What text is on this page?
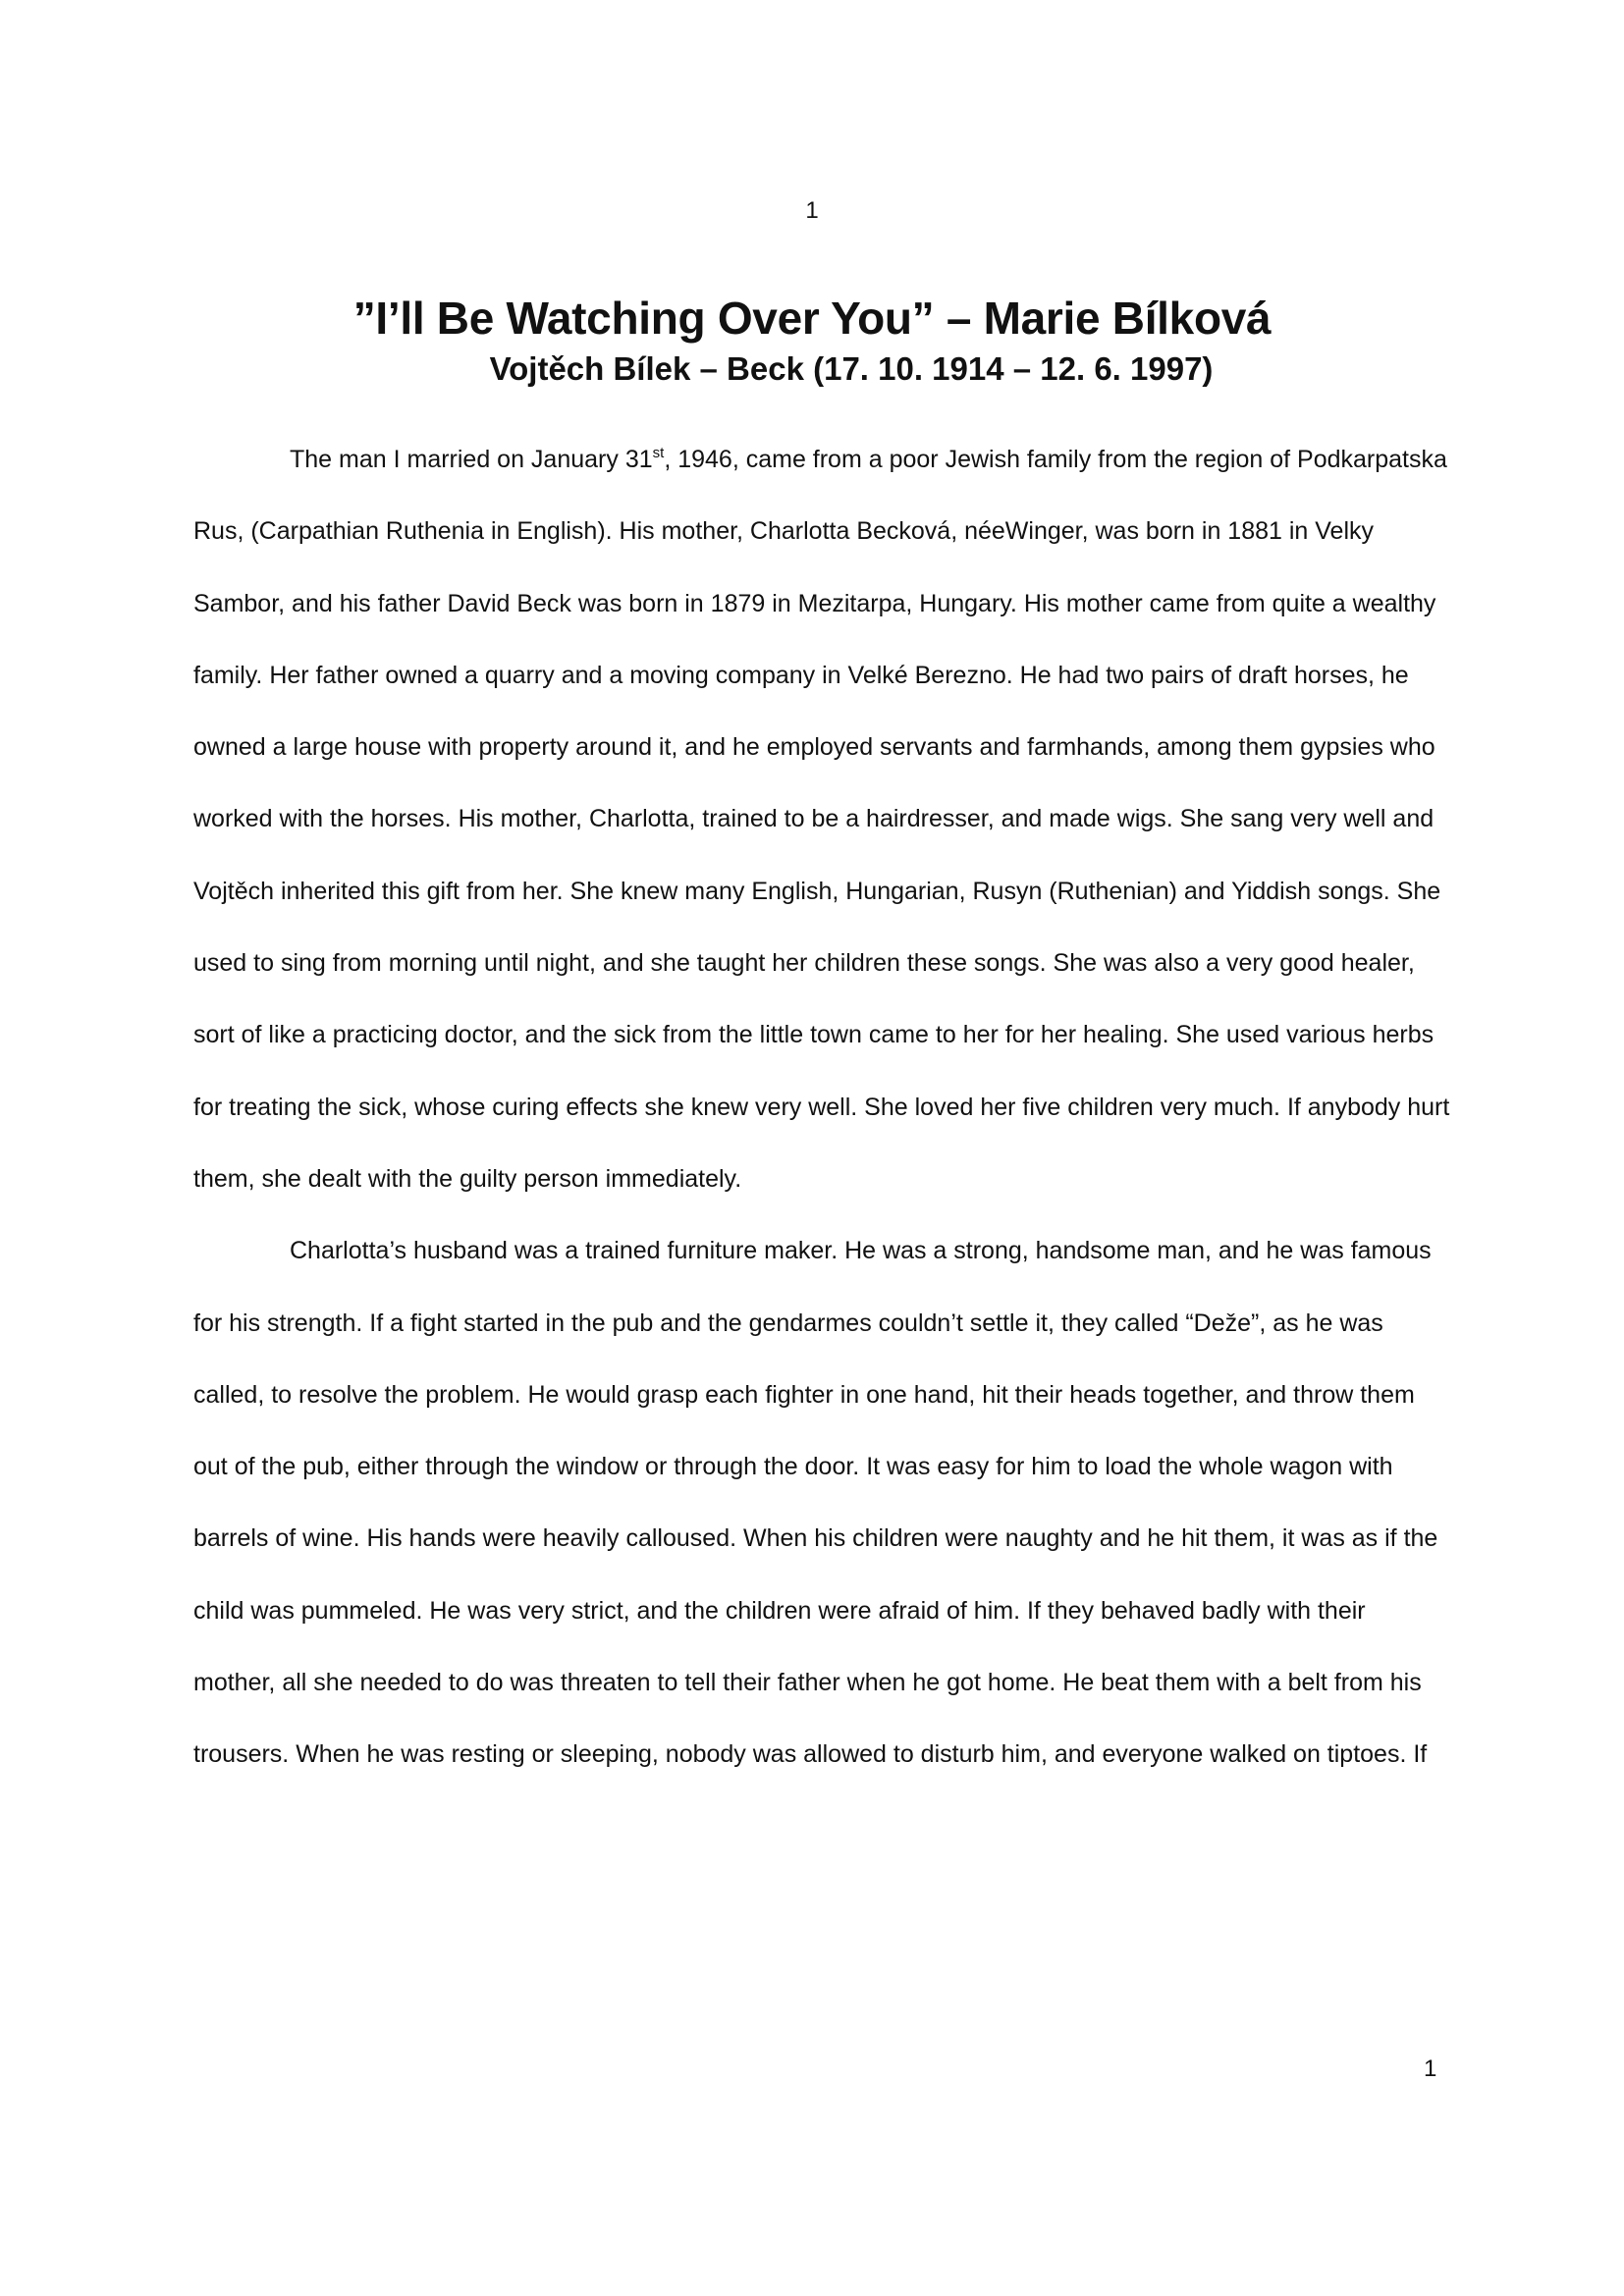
1
”I’ll Be Watching Over You” – Marie Bílková
Vojtěch Bílek – Beck (17. 10. 1914 – 12. 6. 1997)

The man I married on January 31st, 1946, came from a poor Jewish family from the region of Podkarpatska Rus, (Carpathian Ruthenia in English). His mother, Charlotta Becková, néeWinger, was born in 1881 in Velky Sambor, and his father David Beck was born in 1879 in Mezitarpa, Hungary. His mother came from quite a wealthy family. Her father owned a quarry and a moving company in Velké Berezno. He had two pairs of draft horses, he owned a large house with property around it, and he employed servants and farmhands, among them gypsies who worked with the horses. His mother, Charlotta, trained to be a hairdresser, and made wigs. She sang very well and Vojtěch inherited this gift from her. She knew many English, Hungarian, Rusyn (Ruthenian) and Yiddish songs. She used to sing from morning until night, and she taught her children these songs. She was also a very good healer, sort of like a practicing doctor, and the sick from the little town came to her for her healing. She used various herbs for treating the sick, whose curing effects she knew very well. She loved her five children very much. If anybody hurt them, she dealt with the guilty person immediately.

Charlotta’s husband was a trained furniture maker. He was a strong, handsome man, and he was famous for his strength. If a fight started in the pub and the gendarmes couldn’t settle it, they called “Deže”, as he was called, to resolve the problem. He would grasp each fighter in one hand, hit their heads together, and throw them out of the pub, either through the window or through the door. It was easy for him to load the whole wagon with barrels of wine. His hands were heavily calloused. When his children were naughty and he hit them, it was as if the child was pummeled. He was very strict, and the children were afraid of him. If they behaved badly with their mother, all she needed to do was threaten to tell their father when he got home. He beat them with a belt from his trousers. When he was resting or sleeping, nobody was allowed to disturb him, and everyone walked on tiptoes. If

1
